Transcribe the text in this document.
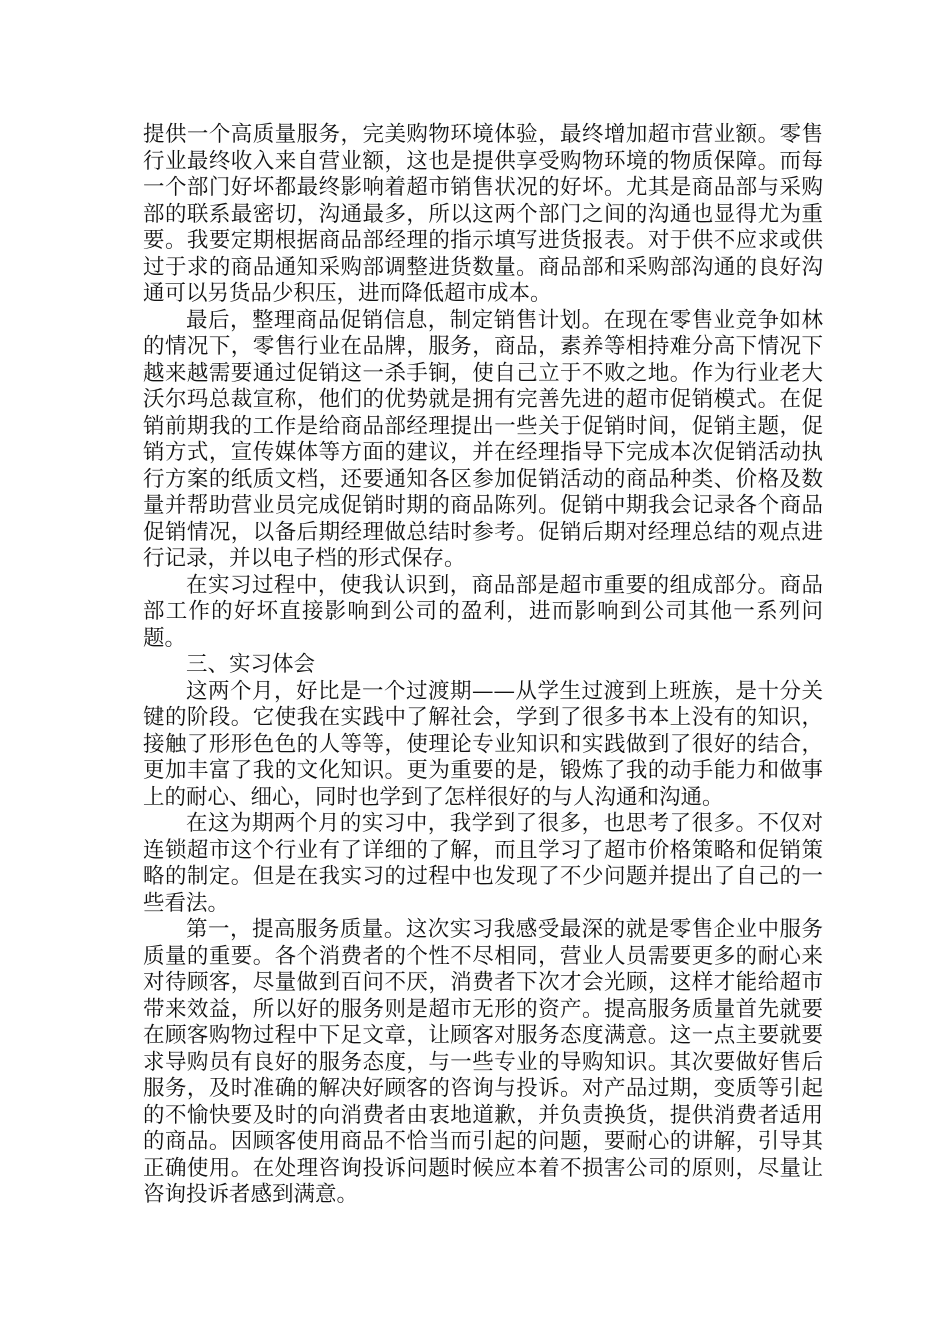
提供一个高质量服务，完美购物环境体验，最终增加超市营业额。零售行业最终收入来自营业额，这也是提供享受购物环境的物质保障。而每一个部门好坏都最终影响着超市销售状况的好坏。尤其是商品部与采购部的联系最密切，沟通最多，所以这两个部门之间的沟通也显得尤为重要。我要定期根据商品部经理的指示填写进货报表。对于供不应求或供过于求的商品通知采购部调整进货数量。商品部和采购部沟通的良好沟通可以另货品少积压，进而降低超市成本。

最后，整理商品促销信息，制定销售计划。在现在零售业竞争如林的情况下，零售行业在品牌，服务，商品，素养等相持难分高下情况下越来越需要通过促销这一杀手锏，使自己立于不败之地。作为行业老大沃尔玛总裁宣称，他们的优势就是拥有完善先进的超市促销模式。在促销前期我的工作是给商品部经理提出一些关于促销时间，促销主题，促销方式，宣传媒体等方面的建议，并在经理指导下完成本次促销活动执行方案的纸质文档，还要通知各区参加促销活动的商品种类、价格及数量并帮助营业员完成促销时期的商品陈列。促销中期我会记录各个商品促销情况，以备后期经理做总结时参考。促销后期对经理总结的观点进行记录，并以电子档的形式保存。

在实习过程中，使我认识到，商品部是超市重要的组成部分。商品部工作的好坏直接影响到公司的盈利，进而影响到公司其他一系列问题。

三、实习体会

这两个月，好比是一个过渡期——从学生过渡到上班族，是十分关键的阶段。它使我在实践中了解社会，学到了很多书本上没有的知识，接触了形形色色的人等等，使理论专业知识和实践做到了很好的结合，更加丰富了我的文化知识。更为重要的是，锻炼了我的动手能力和做事上的耐心、细心，同时也学到了怎样很好的与人沟通和沟通。

在这为期两个月的实习中，我学到了很多，也思考了很多。不仅对连锁超市这个行业有了详细的了解，而且学习了超市价格策略和促销策略的制定。但是在我实习的过程中也发现了不少问题并提出了自己的一些看法。

第一，提高服务质量。这次实习我感受最深的就是零售企业中服务质量的重要。各个消费者的个性不尽相同，营业人员需要更多的耐心来对待顾客，尽量做到百问不厌，消费者下次才会光顾，这样才能给超市带来效益，所以好的服务则是超市无形的资产。提高服务质量首先就要在顾客购物过程中下足文章，让顾客对服务态度满意。这一点主要就要求导购员有良好的服务态度，与一些专业的导购知识。其次要做好售后服务，及时准确的解决好顾客的咨询与投诉。对产品过期，变质等引起的不愉快要及时的向消费者由衷地道歉，并负责换货，提供消费者适用的商品。因顾客使用商品不恰当而引起的问题，要耐心的讲解，引导其正确使用。在处理咨询投诉问题时候应本着不损害公司的原则，尽量让咨询投诉者感到满意。
